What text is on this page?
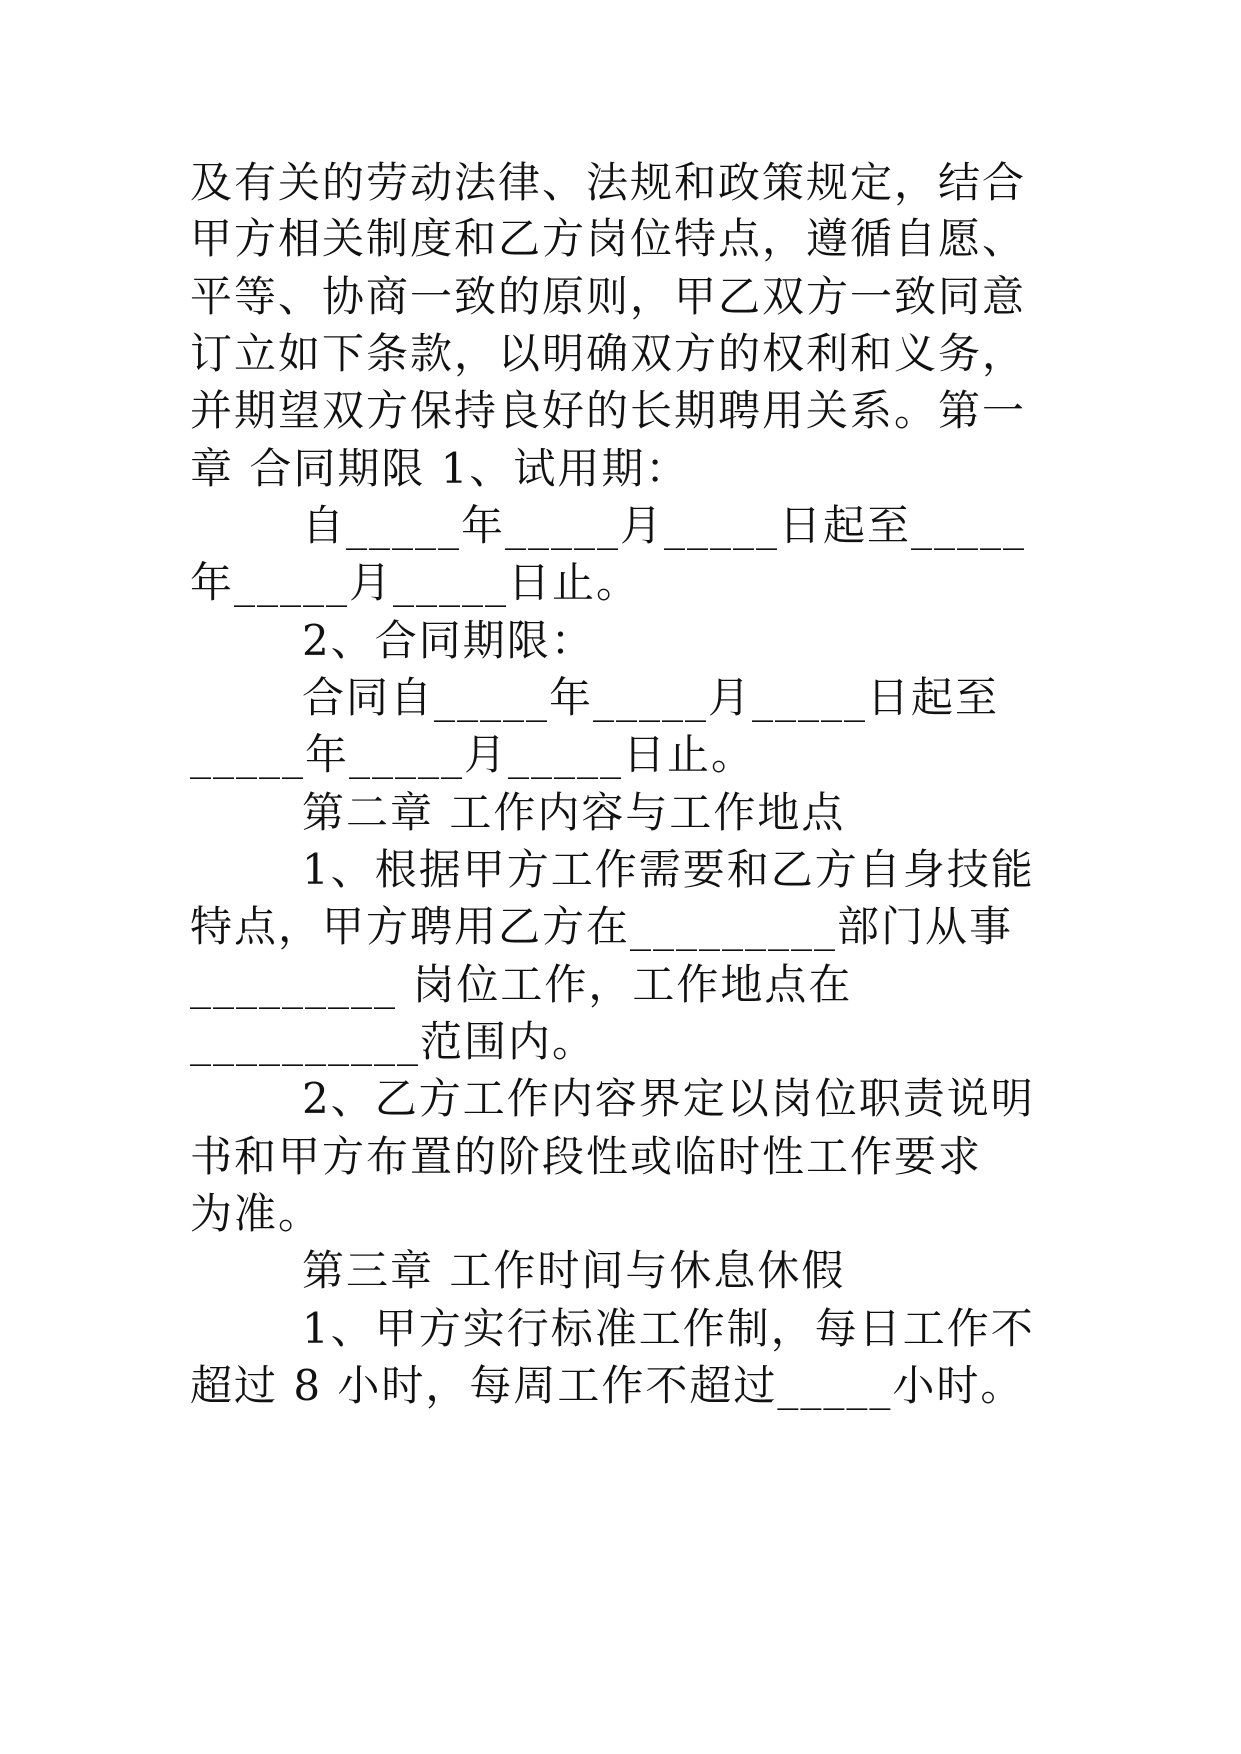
及有关的劳动法律、法规和政策规定，结合
甲方相关制度和乙方岗位特点，遵循自愿、
平等、协商一致的原则，甲乙双方一致同意
订立如下条款，以明确双方的权利和义务，
并期望双方保持良好的长期聘用关系。第一
章 合同期限 1、试用期：
自_____年_____月_____日起至_____
年_____月_____日止。
2、合同期限：
合同自_____年_____月_____日起至
_____年_____月_____日止。
第二章 工作内容与工作地点
1、根据甲方工作需要和乙方自身技能
特点，甲方聘用乙方在_________部门从事
_________ 岗位工作，工作地点在
__________范围内。
2、乙方工作内容界定以岗位职责说明
书和甲方布置的阶段性或临时性工作要求
为准。
第三章 工作时间与休息休假
1、甲方实行标准工作制，每日工作不
超过 8 小时，每周工作不超过_____小时。
